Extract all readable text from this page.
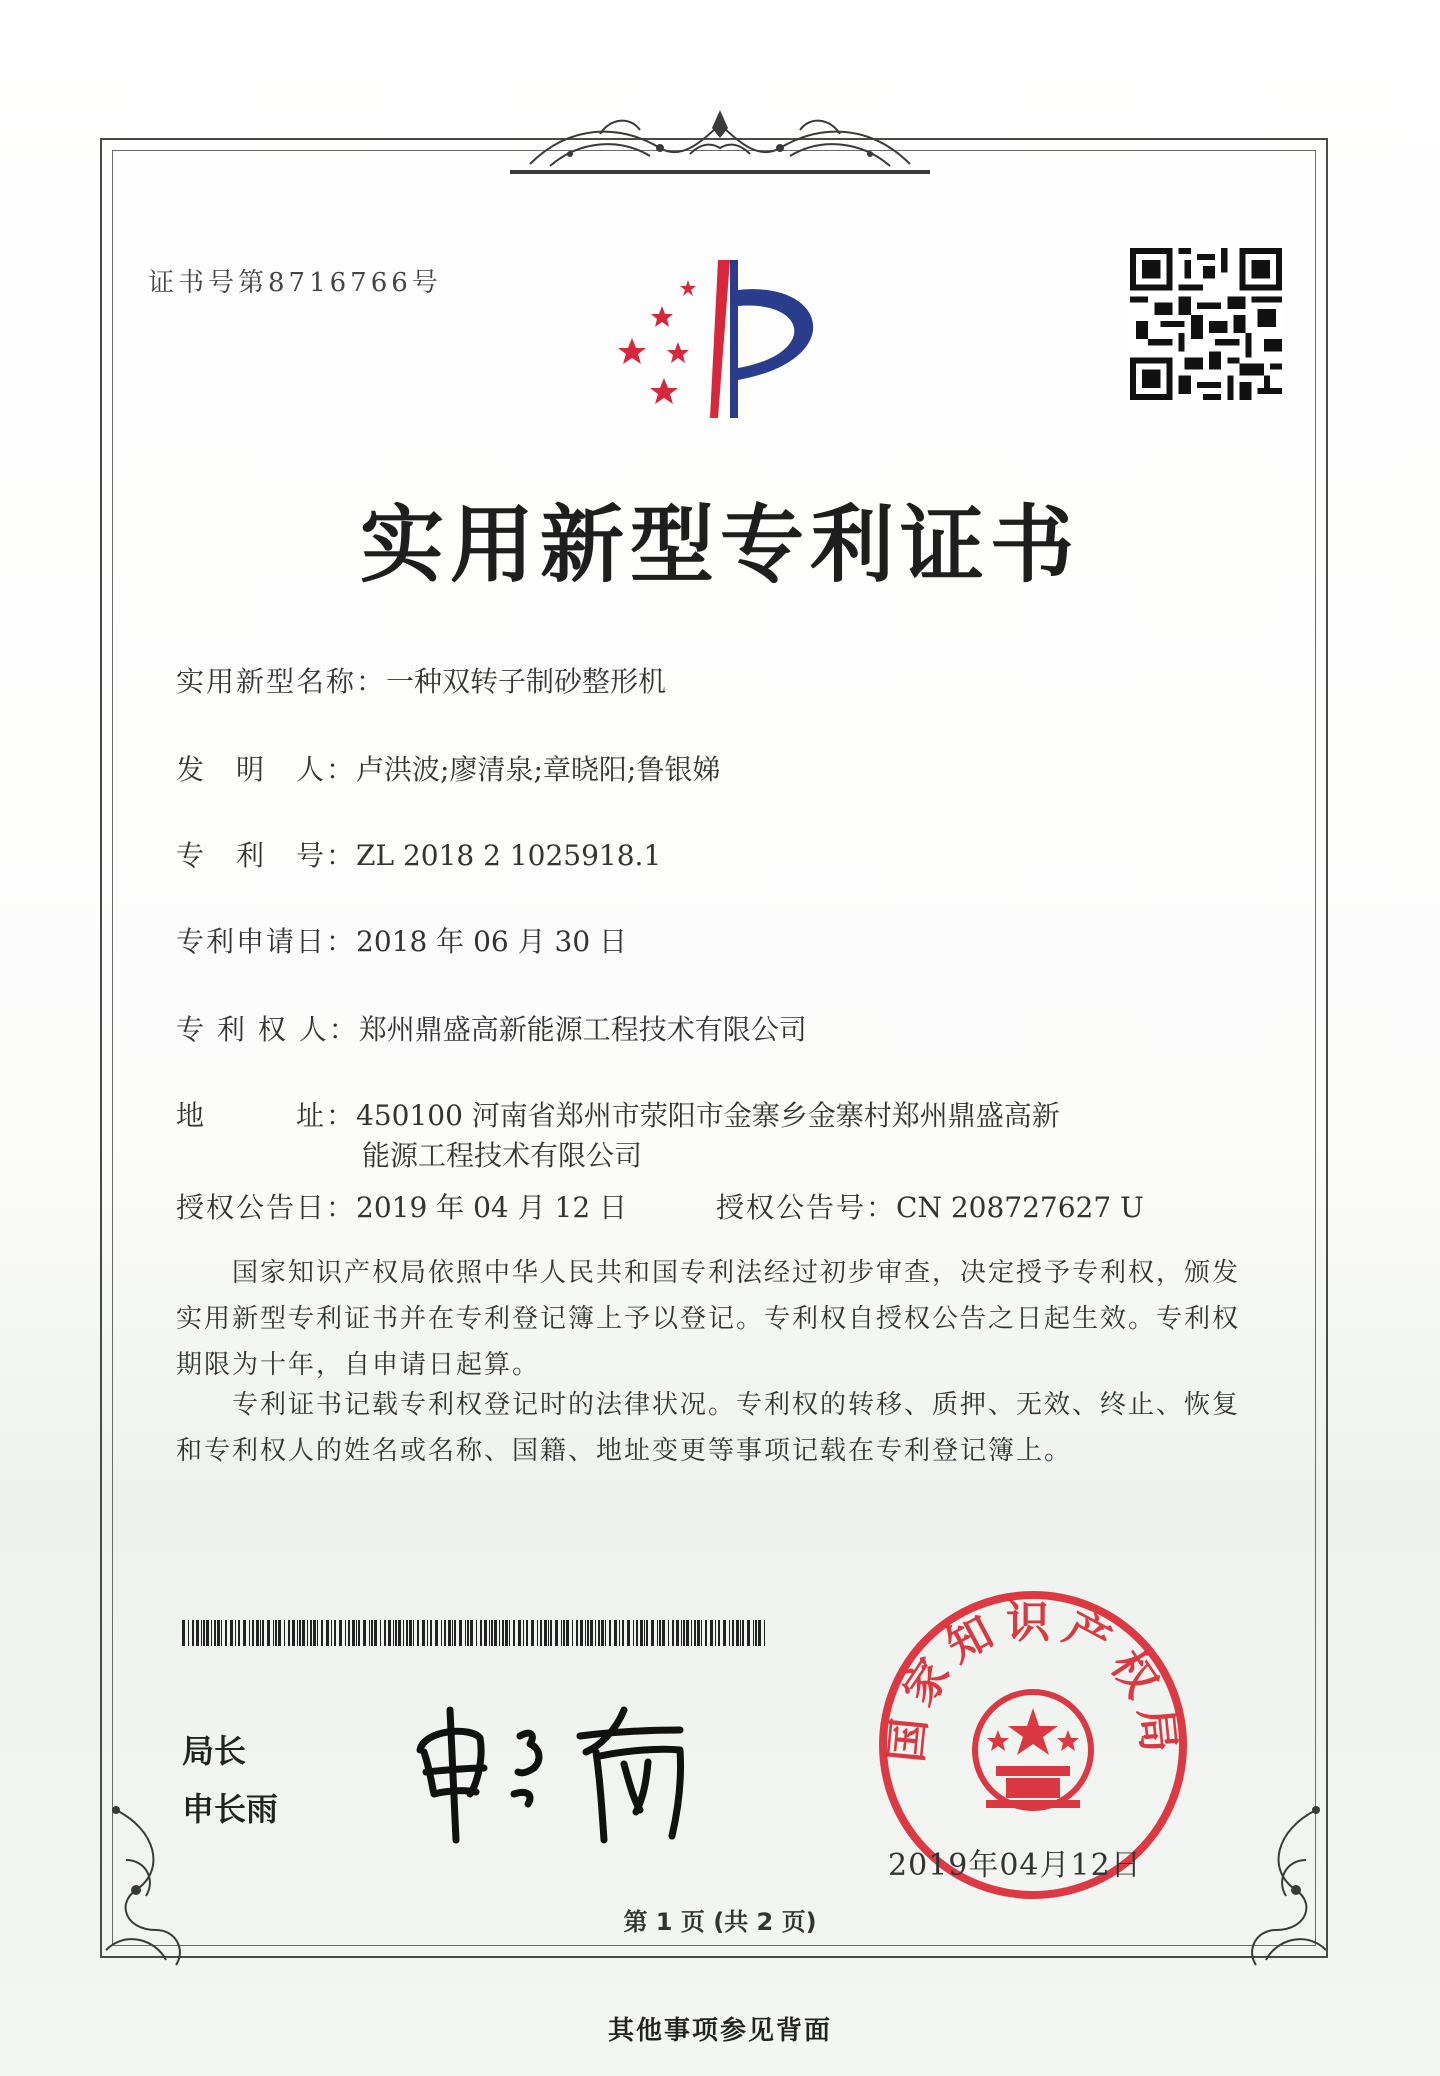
证书号第8716766号
实用新型专利证书
实用新型名称：一种双转子制砂整形机
发　明　人：卢洪波;廖清泉;章晓阳;鲁银娣
专　利　号：ZL 2018 2 1025918.1
专利申请日：2018 年 06 月 30 日
专 利 权 人：郑州鼎盛高新能源工程技术有限公司
地　　　址：450100 河南省郑州市荥阳市金寨乡金寨村郑州鼎盛高新
能源工程技术有限公司
授权公告日：2019 年 04 月 12 日	授权公告号：CN 208727627 U
国家知识产权局依照中华人民共和国专利法经过初步审查，决定授予专利权，颁发实用新型专利证书并在专利登记簿上予以登记。专利权自授权公告之日起生效。专利权期限为十年，自申请日起算。
专利证书记载专利权登记时的法律状况。专利权的转移、质押、无效、终止、恢复和专利权人的姓名或名称、国籍、地址变更等事项记载在专利登记簿上。
局长
申长雨
国家知识产权局
2019年04月12日
第 1 页 (共 2 页)
其他事项参见背面
